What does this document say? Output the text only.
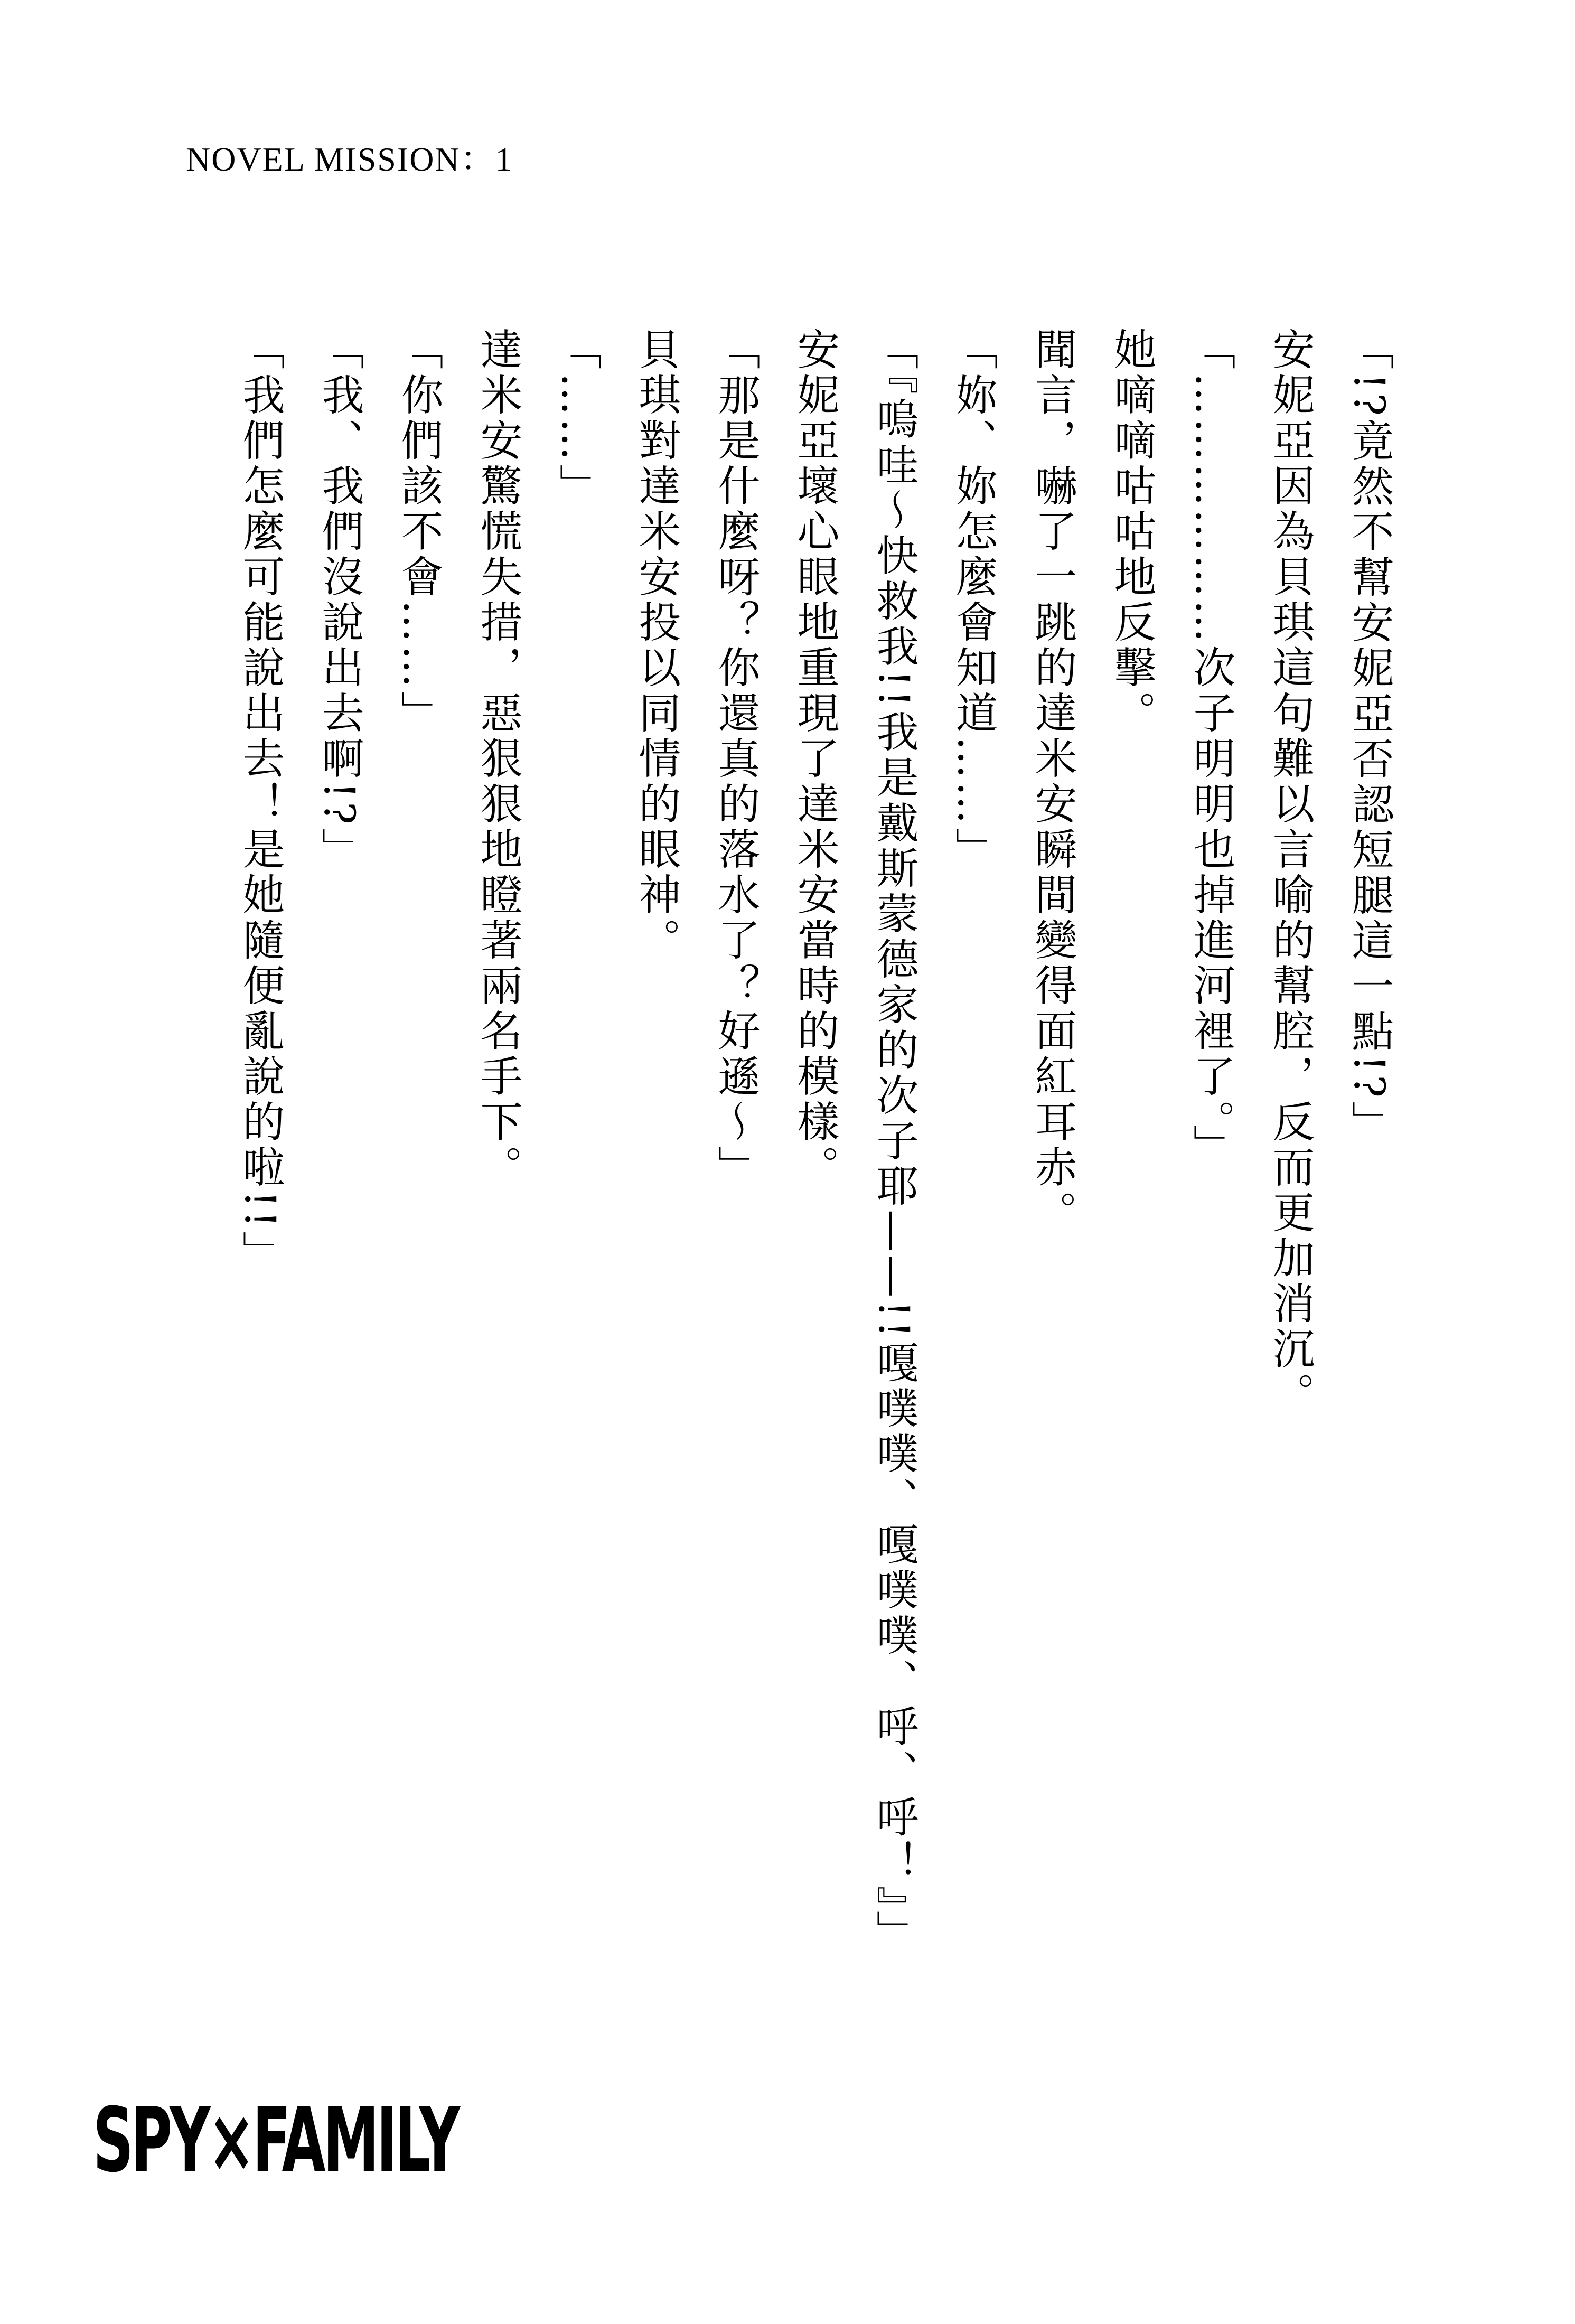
NOVEL MISSION：1

「!?竟然不幫安妮亞否認短腿這一點!?」

安妮亞因為貝琪這句難以言喻的幫腔，反而更加消沉。

「………………次子明明也掉進河裡了。」

她嘀嘀咕咕地反擊。

聞言，嚇了一跳的達米安瞬間變得面紅耳赤。

「妳、妳怎麼會知道……」

「『嗚哇～快救我!!我是戴斯蒙德家的次子耶——!!嘎噗噗、嘎噗噗、呼、呼！』」

安妮亞壞心眼地重現了達米安當時的模樣。

「那是什麼呀？你還真的落水了？好遜～」

貝琪對達米安投以同情的眼神。

「……」

達米安驚慌失措，惡狠狠地瞪著兩名手下。

「你們該不會……」

「我、我們沒說出去啊!?」

「我們怎麼可能說出去！是她隨便亂說的啦!!」

SPY×FAMILY
